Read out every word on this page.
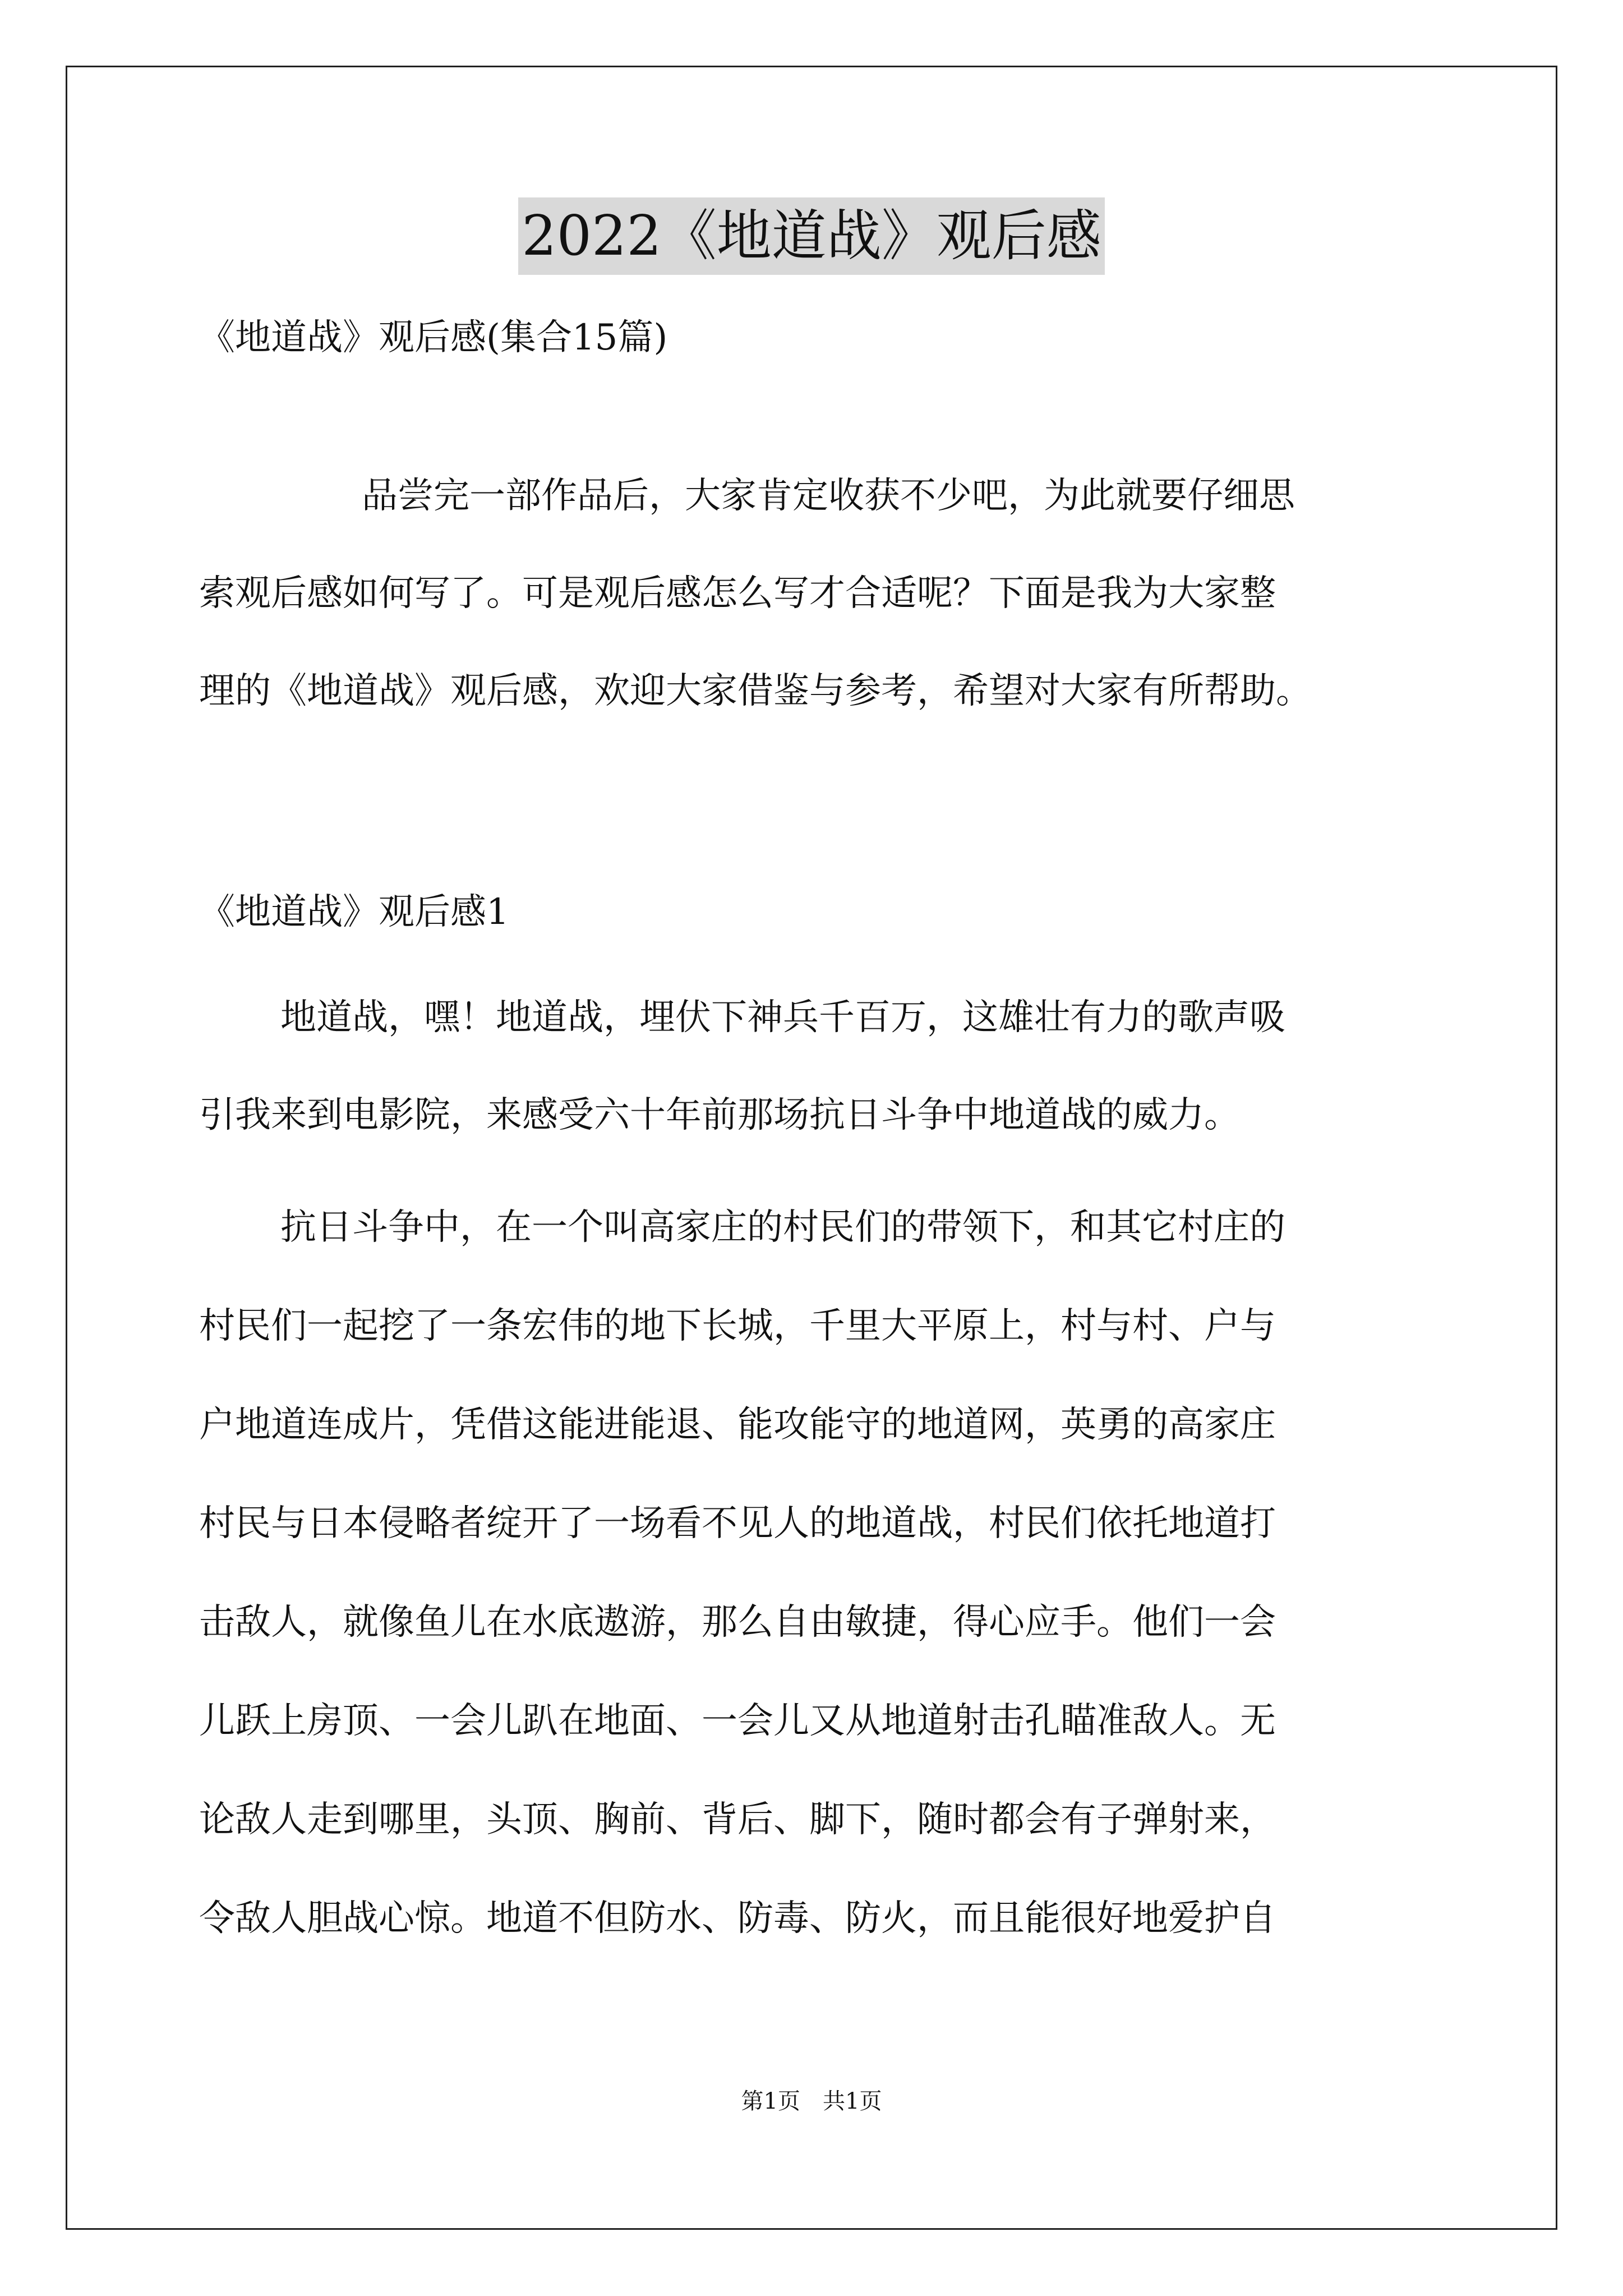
2022《地道战》观后感
《地道战》观后感(集合15篇)
品尝完一部作品后，大家肯定收获不少吧，为此就要仔细思
索观后感如何写了。可是观后感怎么写才合适呢？下面是我为大家整
理的《地道战》观后感，欢迎大家借鉴与参考，希望对大家有所帮助。
《地道战》观后感1
地道战，嘿！地道战，埋伏下神兵千百万，这雄壮有力的歌声吸
引我来到电影院，来感受六十年前那场抗日斗争中地道战的威力。
抗日斗争中，在一个叫高家庄的村民们的带领下，和其它村庄的
村民们一起挖了一条宏伟的地下长城，千里大平原上，村与村、户与
户地道连成片，凭借这能进能退、能攻能守的地道网，英勇的高家庄
村民与日本侵略者绽开了一场看不见人的地道战，村民们依托地道打
击敌人，就像鱼儿在水底遨游，那么自由敏捷，得心应手。他们一会
儿跃上房顶、一会儿趴在地面、一会儿又从地道射击孔瞄准敌人。无
论敌人走到哪里，头顶、胸前、背后、脚下，随时都会有子弹射来，
令敌人胆战心惊。地道不但防水、防毒、防火，而且能很好地爱护自
第1页　共1页
